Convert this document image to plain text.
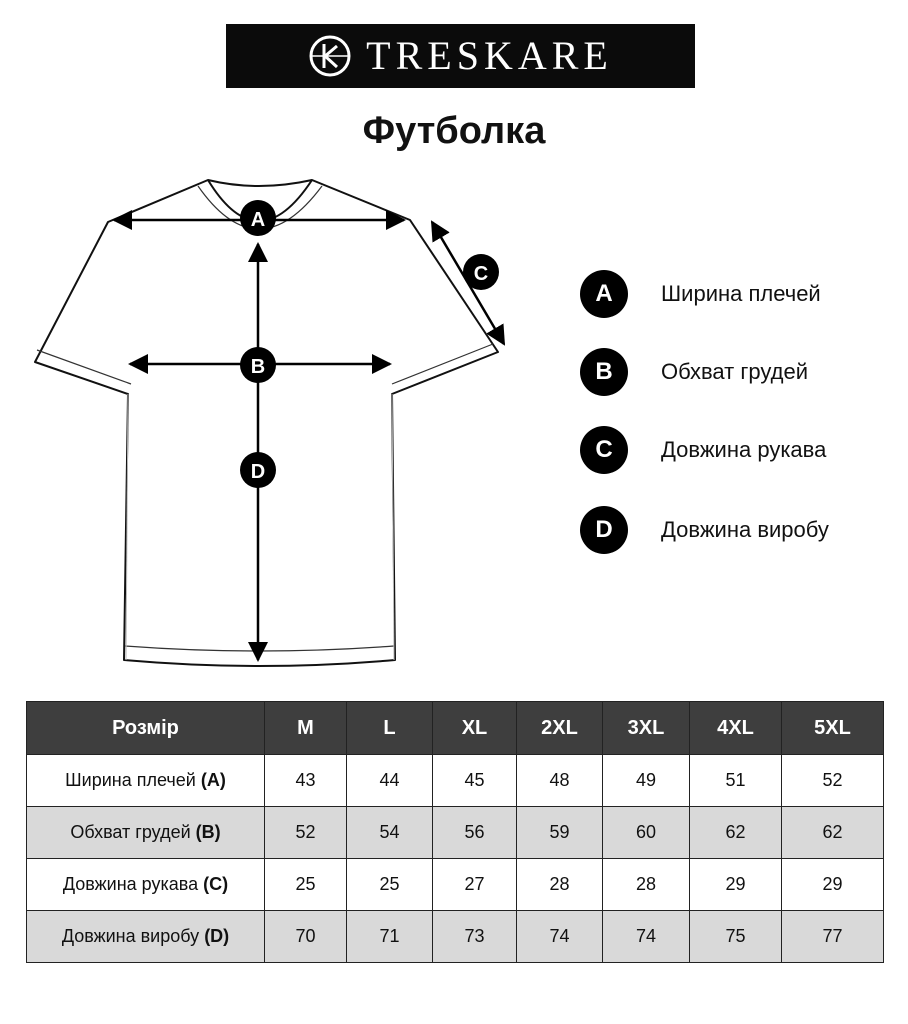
TRESKARE
Футболка
A
B
C
D
A	Ширина плечей
B	Обхват грудей
C	Довжина рукава
D	Довжина виробу
Розмір	M	L	XL	2XL	3XL	4XL	5XL
Ширина плечей (A)	43	44	45	48	49	51	52
Обхват грудей (B)	52	54	56	59	60	62	62
Довжина рукава (C)	25	25	27	28	28	29	29
Довжина виробу (D)	70	71	73	74	74	75	77
